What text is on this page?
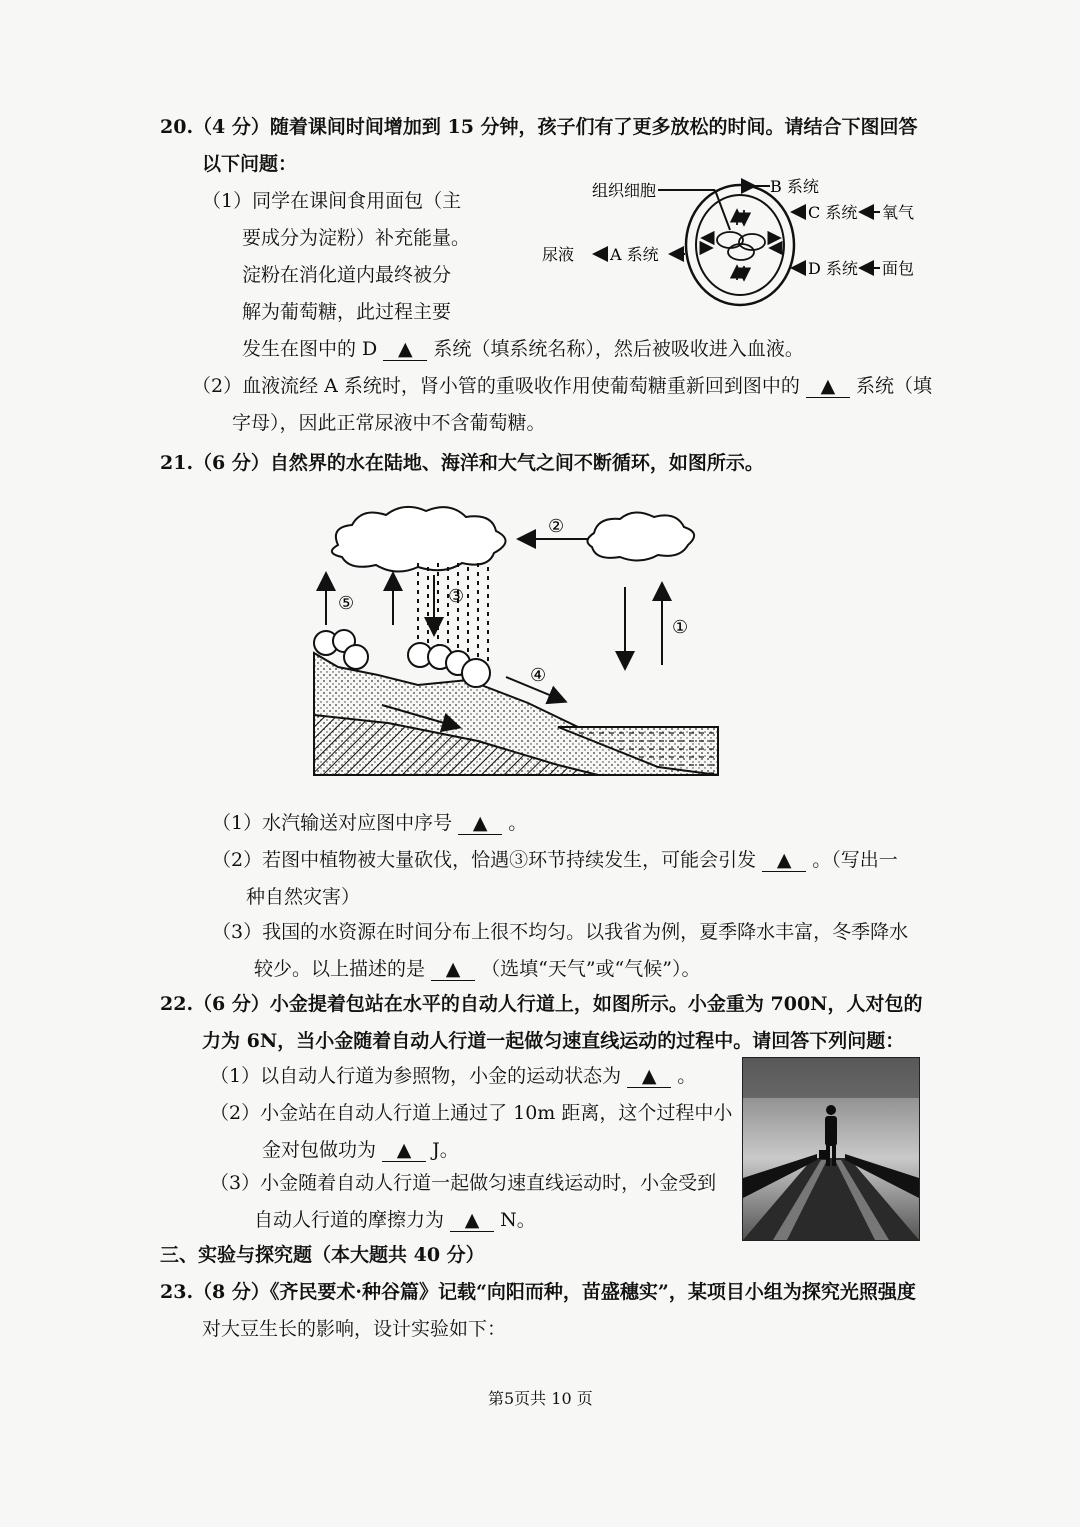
20.（4 分）随着课间时间增加到 15 分钟，孩子们有了更多放松的时间。请结合下图回答
以下问题：
（1）同学在课间食用面包（主
要成分为淀粉）补充能量。
淀粉在消化道内最终被分
解为葡萄糖，此过程主要
发生在图中的 D ▲ 系统（填系统名称），然后被吸收进入血液。
（2）血液流经 A 系统时，肾小管的重吸收作用使葡萄糖重新回到图中的 ▲ 系统（填
字母），因此正常尿液中不含葡萄糖。
组织细胞	B 系统
C 系统 氧气
尿液 A 系统
D 系统 面包
21.（6 分）自然界的水在陆地、海洋和大气之间不断循环，如图所示。
⑤	③
②
①
④
（1）水汽输送对应图中序号 ▲ 。
（2）若图中植物被大量砍伐，恰遇③环节持续发生，可能会引发 ▲ 。（写出一
种自然灾害）
（3）我国的水资源在时间分布上很不均匀。以我省为例，夏季降水丰富，冬季降水
较少。以上描述的是 ▲ （选填“天气”或“气候”）。
22.（6 分）小金提着包站在水平的自动人行道上，如图所示。小金重为 700N，人对包的
力为 6N，当小金随着自动人行道一起做匀速直线运动的过程中。请回答下列问题：
（1）以自动人行道为参照物，小金的运动状态为 ▲ 。
（2）小金站在自动人行道上通过了 10m 距离，这个过程中小
金对包做功为 ▲ J。
（3）小金随着自动人行道一起做匀速直线运动时，小金受到
自动人行道的摩擦力为 ▲ N。
三、实验与探究题（本大题共 40 分）
23.（8 分）《齐民要术·种谷篇》记载“向阳而种，苗盛穗实”，某项目小组为探究光照强度
对大豆生长的影响，设计实验如下：
第5页共 10 页
